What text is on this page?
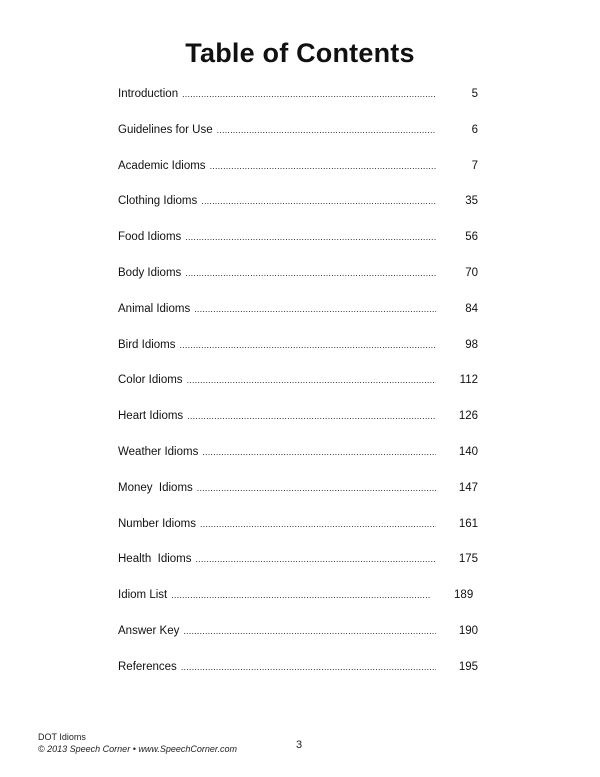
Table of Contents
Introduction .....	5
Guidelines for Use .....	6
Academic Idioms .....	7
Clothing Idioms .....	35
Food Idioms .....	56
Body Idioms .....	70
Animal Idioms .....	84
Bird Idioms .....	98
Color Idioms .....	112
Heart Idioms .....	126
Weather Idioms .....	140
Money  Idioms .....	147
Number Idioms .....	161
Health  Idioms .....	175
Idiom List .....	189
Answer Key .....	190
References .....	195
DOT Idioms
© 2013 Speech Corner • www.SpeechCorner.com	3
